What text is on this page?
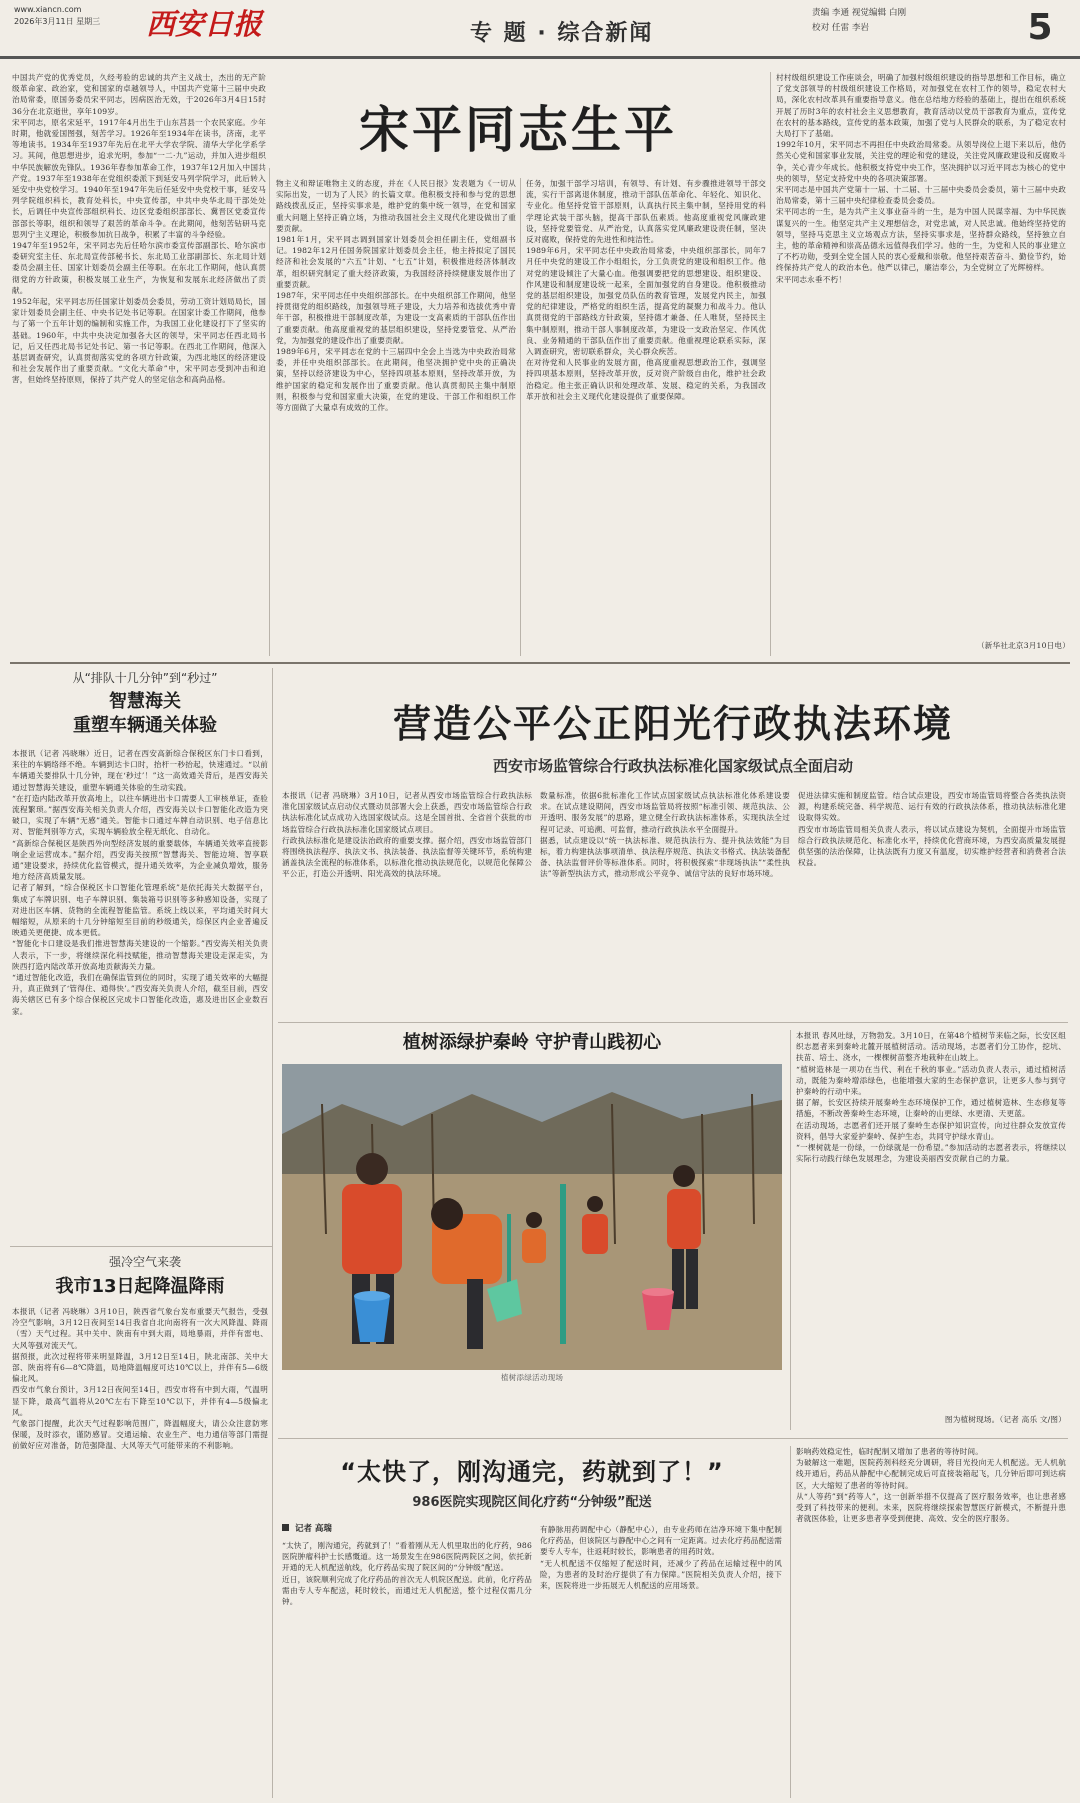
www.xiancn.com
2026年3月11日 星期三 西安日报	专 题 · 综合新闻
责编 李通 视觉编辑 白刚
校对 任雷 李岩	5
宋平同志生平
中国共产党的优秀党员，久经考验的忠诚的共产主义战士，杰出的无产阶级革命家、政治家，党和国家的卓越领导人，中国共产党第十三届中央政治局常委，原国务委员宋平同志，因病医治无效，于2026年3月4日15时36分在北京逝世，享年109岁。
宋平同志，原名宋延平，1917年4月出生于山东莒县一个农民家庭。少年时期，他就爱国图强，刻苦学习。1926年至1934年在读书，济南，北平等地读书。1934年至1937年先后在北平大学农学院、清华大学化学系学习。其间，他思想进步，追求光明，参加“一二·九”运动，并加入进步组织中华民族解放先锋队。1936年春参加革命工作，1937年12月加入中国共产党。1937年至1938年在党组织委派下到延安马列学院学习，此后转入延安中央党校学习。1940年至1947年先后任延安中央党校干事，延安马列学院组织科长，教育处科长，中央宣传部，中共中央华北局干部处处长，后调任中央宣传部组织科长、边区党委组织部部长、冀晋区党委宣传部部长等职，组织和领导了艰苦的革命斗争。在此期间，他刻苦钻研马克思列宁主义理论，积极参加抗日战争，积累了丰富的斗争经验。
1947年至1952年，宋平同志先后任哈尔滨市委宣传部副部长、哈尔滨市委研究室主任、东北局宣传部秘书长、东北局工业部副部长、东北局计划委员会副主任、国家计划委员会副主任等职。在东北工作期间，他认真贯彻党的方针政策，积极发展工业生产，为恢复和发展东北经济做出了贡献。
1952年起，宋平同志历任国家计划委员会委员，劳动工资计划局局长，国家计划委员会副主任、中央书记处书记等职。在国家计委工作期间，他参与了第一个五年计划的编制和实施工作，为我国工业化建设打下了坚实的基础。1960年，中共中央决定加强各大区的领导，宋平同志任西北局书记，后又任西北局书记处书记、第一书记等职。在西北工作期间，他深入基层调查研究，认真贯彻落实党的各项方针政策，为西北地区的经济建设和社会发展作出了重要贡献。“文化大革命”中，宋平同志受到冲击和迫害，但始终坚持原则，保持了共产党人的坚定信念和高尚品格。
物主义和辩证唯物主义的态度，并在《人民日报》发表题为《一切从实际出发，一切为了人民》的长篇文章。他积极支持和参与党的思想路线拨乱反正，坚持实事求是，维护党的集中统一领导，在党和国家重大问题上坚持正确立场，为推动我国社会主义现代化建设做出了重要贡献。
1981年1月，宋平同志调到国家计划委员会担任副主任，党组副书记。1982年12月任国务院国家计划委员会主任，他主持拟定了国民经济和社会发展的“六五”计划、“七五”计划，积极推进经济体制改革，组织研究制定了重大经济政策，为我国经济持续健康发展作出了重要贡献。
1987年，宋平同志任中央组织部部长。在中央组织部工作期间，他坚持贯彻党的组织路线，加强领导班子建设，大力培养和选拔优秀中青年干部，积极推进干部制度改革，为建设一支高素质的干部队伍作出了重要贡献。他高度重视党的基层组织建设，坚持党要管党、从严治党，为加强党的建设作出了重要贡献。
1989年6月，宋平同志在党的十三届四中全会上当选为中央政治局常委，并任中央组织部部长。在此期间，他坚决拥护党中央的正确决策，坚持以经济建设为中心，坚持四项基本原则，坚持改革开放，为维护国家的稳定和发展作出了重要贡献。他认真贯彻民主集中制原则，积极参与党和国家重大决策，在党的建设、干部工作和组织工作等方面做了大量卓有成效的工作。
任务，加强干部学习培训，有领导、有计划、有步骤推进领导干部交流，实行干部离退休制度，推动干部队伍革命化、年轻化、知识化、专业化。他坚持党管干部原则，认真执行民主集中制，坚持用党的科学理论武装干部头脑，提高干部队伍素质。他高度重视党风廉政建设，坚持党要管党、从严治党，认真落实党风廉政建设责任制，坚决反对腐败，保持党的先进性和纯洁性。
1989年6月，宋平同志任中央政治局常委，中央组织部部长，同年7月任中央党的建设工作小组组长，分工负责党的建设和组织工作。他对党的建设倾注了大量心血。他强调要把党的思想建设、组织建设、作风建设和制度建设统一起来，全面加强党的自身建设。他积极推动党的基层组织建设，加强党员队伍的教育管理，发展党内民主，加强党的纪律建设，严格党的组织生活，提高党的凝聚力和战斗力。他认真贯彻党的干部路线方针政策，坚持德才兼备、任人唯贤，坚持民主集中制原则，推动干部人事制度改革，为建设一支政治坚定、作风优良、业务精通的干部队伍作出了重要贡献。他重视理论联系实际，深入调查研究，密切联系群众，关心群众疾苦。
在对待党和人民事业的发展方面，他高度重视思想政治工作，强调坚持四项基本原则，坚持改革开放，反对资产阶级自由化，维护社会政治稳定。他主张正确认识和处理改革、发展、稳定的关系，为我国改革开放和社会主义现代化建设提供了重要保障。
村村级组织建设工作座谈会，明确了加强村级组织建设的指导思想和工作目标，确立了党支部领导的村级组织建设工作格局，对加强党在农村工作的领导，稳定农村大局，深化农村改革具有重要指导意义。他在总结地方经验的基础上，提出在组织系统开展了历时3年的农村社会主义思想教育，教育活动以党员干部教育为重点，宣传党在农村的基本路线，宣传党的基本政策，加强了党与人民群众的联系，为了稳定农村大局打下了基础。
1992年10月，宋平同志不再担任中央政治局常委。从领导岗位上退下来以后，他仍然关心党和国家事业发展，关注党的理论和党的建设，关注党风廉政建设和反腐败斗争，关心青少年成长。他积极支持党中央工作，坚决拥护以习近平同志为核心的党中央的领导，坚定支持党中央的各项决策部署。
宋平同志是中国共产党第十一届、十二届、十三届中央委员会委员，第十三届中央政治局常委，第十三届中央纪律检查委员会委员。
宋平同志的一生，是为共产主义事业奋斗的一生，是为中国人民谋幸福、为中华民族谋复兴的一生。他坚定共产主义理想信念，对党忠诚，对人民忠诚。他始终坚持党的领导，坚持马克思主义立场观点方法，坚持实事求是，坚持群众路线，坚持独立自主，他的革命精神和崇高品德永远值得我们学习。他的一生，为党和人民的事业建立了不朽功勋，受到全党全国人民的衷心爱戴和崇敬。他坚持艰苦奋斗、勤俭节约，始终保持共产党人的政治本色。他严以律己，廉洁奉公，为全党树立了光辉榜样。
宋平同志永垂不朽！
（新华社北京3月10日电）
从“排队十几分钟”到“秒过”
智慧海关
重塑车辆通关体验
本报讯（记者 冯晓琳）近日，记者在西安高新综合保税区东门卡口看到，来往的车辆络绎不绝。车辆到达卡口时，抬杆一秒抬起，快速通过。“以前车辆通关要排队十几分钟，现在‘秒过’！”这一高效通关背后，是西安海关通过智慧海关建设，重塑车辆通关体验的生动实践。
“在打造内陆改革开放高地上，以往车辆进出卡口需要人工审核单证，查验流程繁琐。”据西安海关相关负责人介绍，西安海关以卡口智能化改造为突破口，实现了车辆“无感”通关。智能卡口通过车牌自动识别、电子信息比对、智能判别等方式，实现车辆验放全程无纸化、自动化。
“高新综合保税区是陕西外向型经济发展的重要载体，车辆通关效率直接影响企业运营成本。”据介绍，西安海关按照“智慧海关、智能边境、智享联通”建设要求，持续优化监管模式，提升通关效率，为企业减负增效，服务地方经济高质量发展。
记者了解到，“综合保税区卡口智能化管理系统”是依托海关大数据平台，集成了车牌识别、电子车牌识别、集装箱号识别等多种感知设备，实现了对进出区车辆、货物的全流程智能监管。系统上线以来，平均通关时间大幅缩短，从原来的十几分钟缩短至目前的秒级通关，综保区内企业普遍反映通关更便捷、成本更低。
“智能化卡口建设是我们推进智慧海关建设的一个缩影。”西安海关相关负责人表示，下一步，将继续深化科技赋能，推动智慧海关建设走深走实，为陕西打造内陆改革开放高地贡献海关力量。
“通过智能化改造，我们在确保监管到位的同时，实现了通关效率的大幅提升，真正做到了‘管得住、通得快’。”西安海关负责人介绍，截至目前，西安海关辖区已有多个综合保税区完成卡口智能化改造，惠及进出区企业数百家。
强冷空气来袭
我市13日起降温降雨
本报讯（记者 冯晓琳）3月10日，陕西省气象台发布重要天气报告，受强冷空气影响，3月12日夜间至14日我省自北向南将有一次大风降温、降雨（雪）天气过程。其中关中、陕南有中到大雨，局地暴雨，并伴有雷电、大风等强对流天气。
据预报，此次过程将带来明显降温，3月12日至14日，陕北南部、关中大部、陕南将有6—8℃降温，局地降温幅度可达10℃以上，并伴有5—6级偏北风。
西安市气象台预计，3月12日夜间至14日，西安市将有中到大雨，气温明显下降，最高气温将从20℃左右下降至10℃以下，并伴有4—5级偏北风。
气象部门提醒，此次天气过程影响范围广，降温幅度大，请公众注意防寒保暖，及时添衣，谨防感冒。交通运输、农业生产、电力通信等部门需提前做好应对准备，防范强降温、大风等天气可能带来的不利影响。
营造公平公正阳光行政执法环境
西安市场监管综合行政执法标准化国家级试点全面启动
本报讯（记者 冯晓琳）3月10日，记者从西安市场监管综合行政执法标准化国家级试点启动仪式暨动员部署大会上获悉，西安市场监管综合行政执法标准化试点成功入选国家级试点。这是全国首批、全省首个获批的市场监管综合行政执法标准化国家级试点项目。
行政执法标准化是建设法治政府的重要支撑。据介绍，西安市场监管部门将围绕执法程序、执法文书、执法装备、执法监督等关键环节，系统构建涵盖执法全流程的标准体系，以标准化推动执法规范化，以规范化保障公平公正，打造公开透明、阳光高效的执法环境。
数量标准，依据6批标准化工作试点国家级试点执法标准化体系建设要求。在试点建设期间，西安市场监管局将按照“标准引领、规范执法、公开透明、服务发展”的思路，建立健全行政执法标准体系，实现执法全过程可记录、可追溯、可监督，推动行政执法水平全面提升。
据悉，试点建设以“统一执法标准、规范执法行为、提升执法效能”为目标，着力构建执法事项清单、执法程序规范、执法文书格式、执法装备配备、执法监督评价等标准体系。同时，将积极探索“非现场执法”“柔性执法”等新型执法方式，推动形成公平竞争、诚信守法的良好市场环境。
促进法律实施和制度监管。结合试点建设，西安市场监管局将整合各类执法资源，构建系统完备、科学规范、运行有效的行政执法体系，推动执法标准化建设取得实效。
西安市市场监管局相关负责人表示，将以试点建设为契机，全面提升市场监管综合行政执法规范化、标准化水平，持续优化营商环境，为西安高质量发展提供坚强的法治保障，让执法既有力度又有温度，切实维护经营者和消费者合法权益。
植树添绿护秦岭 守护青山践初心
植树添绿活动现场
本报讯 春风吐绿，万物勃发。3月10日，在第48个植树节来临之际，长安区组织志愿者来到秦岭北麓开展植树活动。活动现场，志愿者们分工协作，挖坑、扶苗、培土、浇水，一棵棵树苗整齐地栽种在山坡上。
“植树造林是一项功在当代、利在千秋的事业。”活动负责人表示，通过植树活动，既能为秦岭增添绿色，也能增强大家的生态保护意识，让更多人参与到守护秦岭的行动中来。
据了解，长安区持续开展秦岭生态环境保护工作，通过植树造林、生态修复等措施，不断改善秦岭生态环境，让秦岭的山更绿、水更清、天更蓝。
在活动现场，志愿者们还开展了秦岭生态保护知识宣传，向过往群众发放宣传资料，倡导大家爱护秦岭、保护生态，共同守护绿水青山。
“一棵树就是一份绿，一份绿就是一份希望。”参加活动的志愿者表示，将继续以实际行动践行绿色发展理念，为建设美丽西安贡献自己的力量。
图为植树现场。（记者 高乐 文/图）
“太快了，刚沟通完，药就到了！”
986医院实现院区间化疗药“分钟级”配送
记者 高瑞
“太快了，刚沟通完，药就到了！”看着刚从无人机里取出的化疗药，986医院肿瘤科护士长感慨道。这一场景发生在986医院两院区之间，依托新开通的无人机配送航线，化疗药品实现了院区间的“分钟级”配送。
近日，该院顺利完成了化疗药品的首次无人机院区配送。此前，化疗药品需由专人专车配送，耗时较长，而通过无人机配送，整个过程仅需几分钟。
有静脉用药调配中心（静配中心），由专业药师在洁净环境下集中配制化疗药品，但该院区与静配中心之间有一定距离。过去化疗药品配送需要专人专车，往返耗时较长，影响患者的用药时效。
“无人机配送不仅缩短了配送时间，还减少了药品在运输过程中的风险，为患者的及时治疗提供了有力保障。”医院相关负责人介绍，接下来，医院将进一步拓展无人机配送的应用场景。
影响药效稳定性，临时配制又增加了患者的等待时间。
为破解这一难题，医院药剂科经充分调研，将目光投向无人机配送。无人机航线开通后，药品从静配中心配制完成后可直接装箱起飞，几分钟后即可到达病区，大大缩短了患者的等待时间。
从“人等药”到“药等人”，这一创新举措不仅提高了医疗服务效率，也让患者感受到了科技带来的便利。未来，医院将继续探索智慧医疗新模式，不断提升患者就医体验，让更多患者享受到便捷、高效、安全的医疗服务。
